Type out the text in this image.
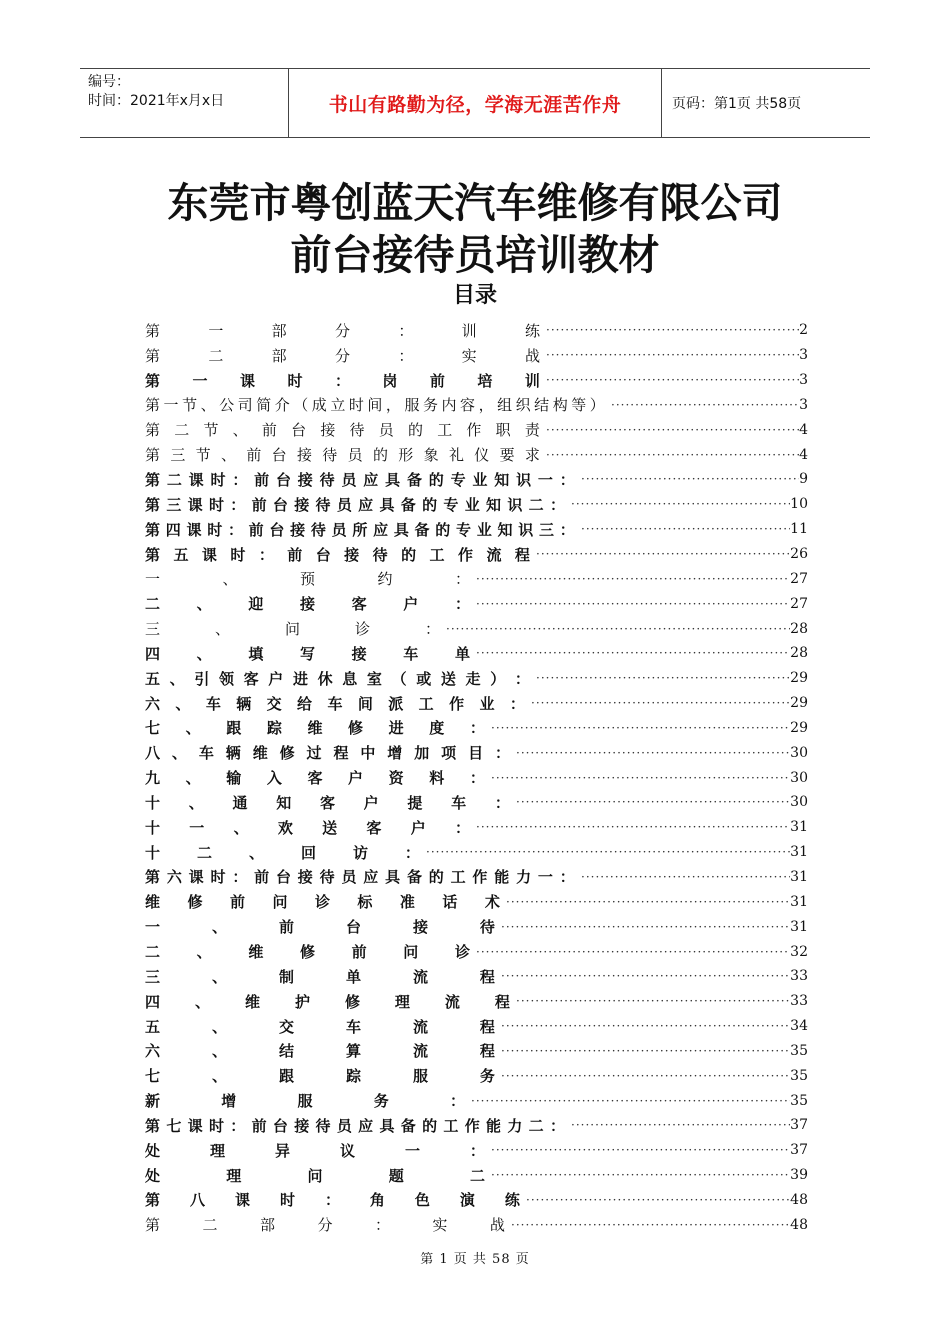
编号：
时间：2021年x月x日	书山有路勤为径，学海无涯苦作舟	页码：第1页 共58页
东莞市粤创蓝天汽车维修有限公司
前台接待员培训教材
目录
第	一	部	分	：	训	练 ·····	2
第	二	部	分	：	实	战 ·····	3
第 一 课 时 ： 岗 前 培 训 ·····	3
第 一 节 、 公 司 简 介 （ 成 立 时 间 ， 服 务 内 容 ， 组 织 结 构 等 ） ·····	3
第 二 节 、 前 台 接 待 员 的 工 作 职 责 ·····	4
第 三 节 、 前 台 接 待 员 的 形 象 礼 仪 要 求 ·····	4
第 二 课 时 ： 前 台 接 待 员 应 具 备 的 专 业 知 识 一 ： ·····	9
第 三 课 时 ： 前 台 接 待 员 应 具 备 的 专 业 知 识 二 ： ·····	10
第 四 课 时 ： 前 台 接 待 员 所 应 具 备 的 专 业 知 识 三 ： ·····	11
第 五 课 时 ： 前 台 接 待 的 工 作 流 程 ·····	26
一	、	预	约	： ·····	27
二 、 迎 接 客 户 ： ·····	27
三	、	问	诊	： ·····	28
四 、 填 写 接 车 单 ·····	28
五 、 引 领 客 户 进 休 息 室 （ 或 送 走 ） ： ·····	29
六 、 车 辆 交 给 车 间 派 工 作 业 ： ·····	29
七 、 跟 踪 维 修 进 度 ： ·····	29
八 、 车 辆 维 修 过 程 中 增 加 项 目 ： ·····	30
九 、 输 入 客 户 资 料 ： ·····	30
十 、 通 知 客 户 提 车 ： ·····	30
十 一 、 欢 送 客 户 ： ·····	31
十 二 、 回 访 ： ·····	31
第 六 课 时 ： 前 台 接 待 员 应 具 备 的 工 作 能 力 一 ： ·····	31
维 修 前 问 诊 标 准 话 术 ·····	31
一	、	前	台	接	待 ·····	31
二 、 维 修 前 问 诊 ·····	32
三	、	制	单	流	程 ·····	33
四 、 维 护 修 理 流 程 ·····	33
五	、	交	车	流	程 ·····	34
六	、	结	算	流	程 ·····	35
七	、	跟	踪	服	务 ·····	35
新	增	服	务	： ·····	35
第 七 课 时 ： 前 台 接 待 员 应 具 备 的 工 作 能 力 二 ： ·····	37
处	理	异	议	一	： ·····	37
处	理	问	题	二 ·····	39
第 八 课 时 ： 角 色 演 练 ·····	48
第	二	部	分	：	实	战 ·····	48
第 1 页 共 58 页
